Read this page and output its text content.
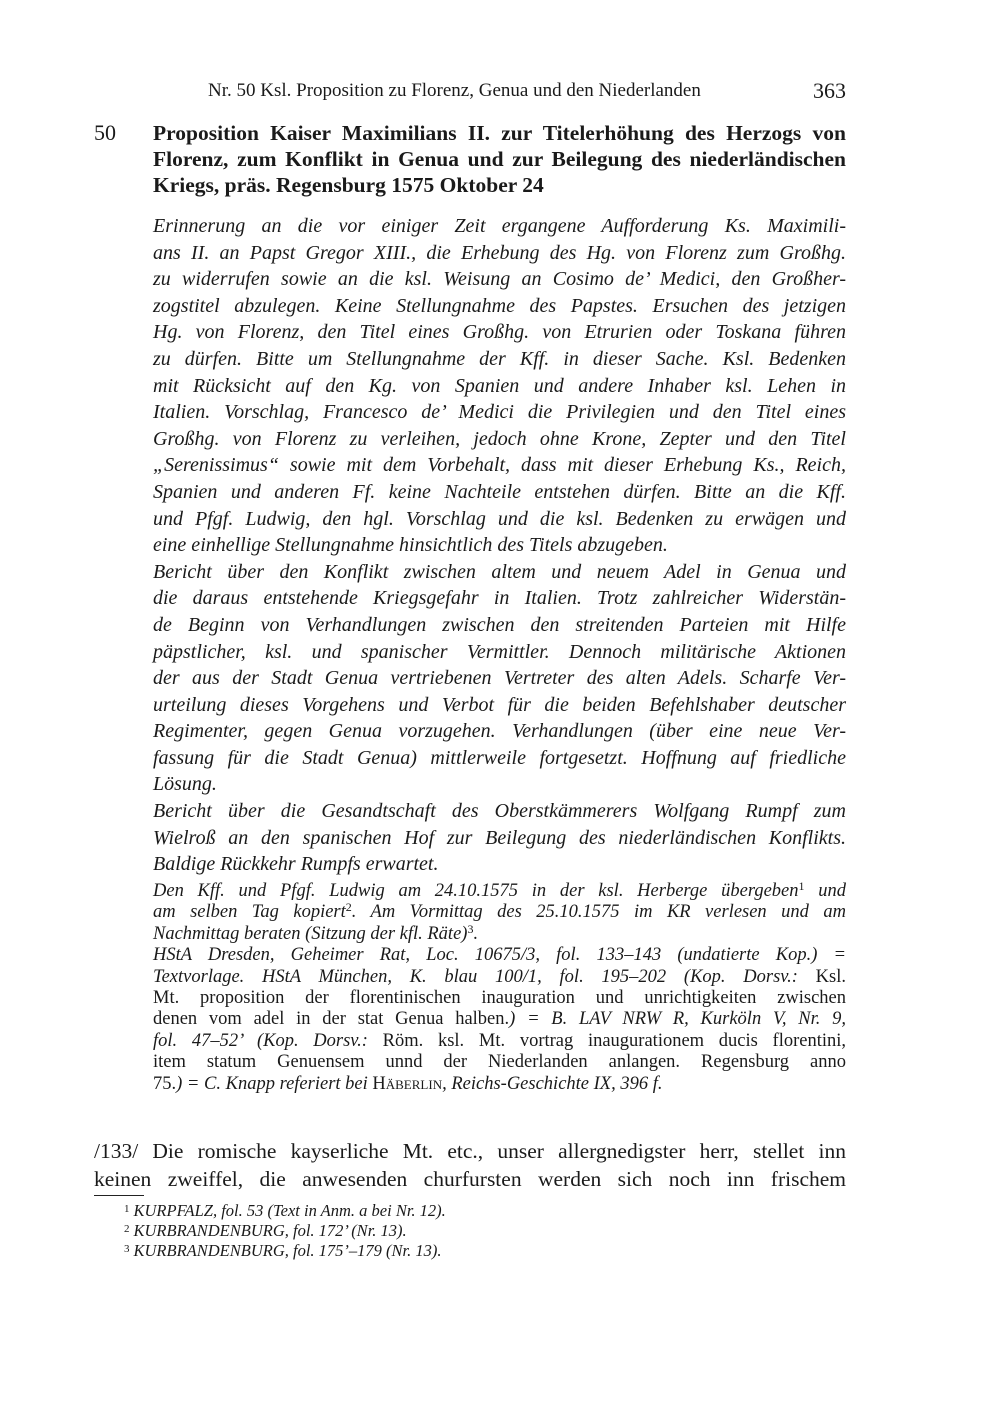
Nr. 50 Ksl. Proposition zu Florenz, Genua und den Niederlanden	363
50 Proposition Kaiser Maximilians II. zur Titelerhöhung des Herzogs von Florenz, zum Konflikt in Genua und zur Beilegung des niederländischen Kriegs, präs. Regensburg 1575 Oktober 24
Erinnerung an die vor einiger Zeit ergangene Aufforderung Ks. Maximili-
ans II. an Papst Gregor XIII., die Erhebung des Hg. von Florenz zum Großhg.
zu widerrufen sowie an die ksl. Weisung an Cosimo de’ Medici, den Großher-
zogstitel abzulegen. Keine Stellungnahme des Papstes. Ersuchen des jetzigen
Hg. von Florenz, den Titel eines Großhg. von Etrurien oder Toskana führen
zu dürfen. Bitte um Stellungnahme der Kff. in dieser Sache. Ksl. Bedenken
mit Rücksicht auf den Kg. von Spanien und andere Inhaber ksl. Lehen in
Italien. Vorschlag, Francesco de’ Medici die Privilegien und den Titel eines
Großhg. von Florenz zu verleihen, jedoch ohne Krone, Zepter und den Titel
„Serenissimus“ sowie mit dem Vorbehalt, dass mit dieser Erhebung Ks., Reich,
Spanien und anderen Ff. keine Nachteile entstehen dürfen. Bitte an die Kff.
und Pfgf. Ludwig, den hgl. Vorschlag und die ksl. Bedenken zu erwägen und
eine einhellige Stellungnahme hinsichtlich des Titels abzugeben.
Bericht über den Konflikt zwischen altem und neuem Adel in Genua und
die daraus entstehende Kriegsgefahr in Italien. Trotz zahlreicher Widerstän-
de Beginn von Verhandlungen zwischen den streitenden Parteien mit Hilfe
päpstlicher, ksl. und spanischer Vermittler. Dennoch militärische Aktionen
der aus der Stadt Genua vertriebenen Vertreter des alten Adels. Scharfe Ver-
urteilung dieses Vorgehens und Verbot für die beiden Befehlshaber deutscher
Regimenter, gegen Genua vorzugehen. Verhandlungen (über eine neue Ver-
fassung für die Stadt Genua) mittlerweile fortgesetzt. Hoffnung auf friedliche
Lösung.
Bericht über die Gesandtschaft des Oberstkämmerers Wolfgang Rumpf zum
Wielroß an den spanischen Hof zur Beilegung des niederländischen Konflikts.
Baldige Rückkehr Rumpfs erwartet.
Den Kff. und Pfgf. Ludwig am 24.10.1575 in der ksl. Herberge übergeben$^1$ und
am selben Tag kopiert$^2$. Am Vormittag des 25.10.1575 im KR verlesen und am
Nachmittag beraten (Sitzung der kfl. Räte)$^3$.
HStA Dresden, Geheimer Rat, Loc. 10675/3, fol. 133–143 (undatierte Kop.) =
Textvorlage. HStA München, K. blau 100/1, fol. 195–202 (Kop. Dorsv.: Ksl.
Mt. proposition der florentinischen inauguration und unrichtigkeiten zwischen
denen vom adel in der stat Genua halben.) = B. LAV NRW R, Kurköln V, Nr. 9,
fol. 47–52’ (Kop. Dorsv.: Röm. ksl. Mt. vortrag inaugurationem ducis florentini,
item statum Genuensem unnd der Niederlanden anlangen. Regensburg anno
75.) = C. Knapp referiert bei Häberlin, Reichs-Geschichte IX, 396 f.
/133/ Die romische kayserliche Mt. etc., unser allergnedigster herr, stellet inn
keinen zweiffel, die anwesenden churfursten werden sich noch inn frischem
$^1$ KURPFALZ, fol. 53 (Text in Anm. a bei Nr. 12).
$^2$ KURBRANDENBURG, fol. 172’ (Nr. 13).
$^3$ KURBRANDENBURG, fol. 175’–179 (Nr. 13).
